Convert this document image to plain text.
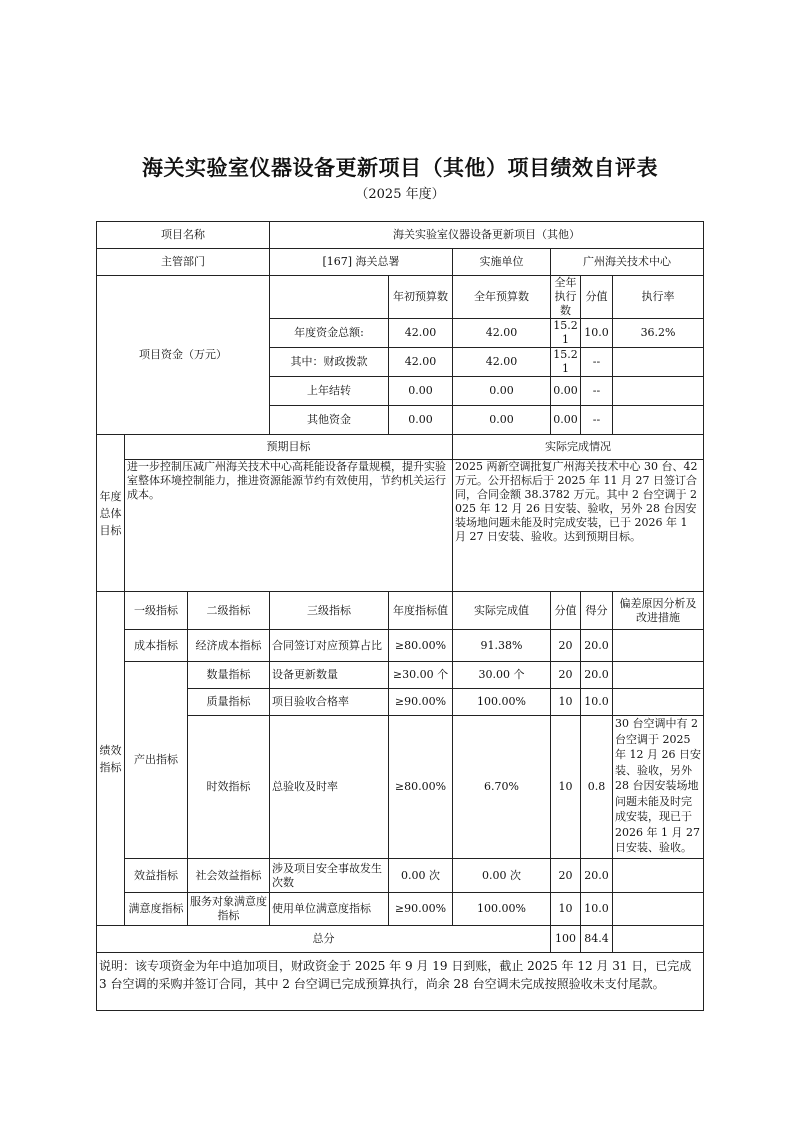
海关实验室仪器设备更新项目（其他）项目绩效自评表
（2025 年度）
项目名称			海关实验室仪器设备更新项目（其他）						
主管部门			[167] 海关总署		实施单位	广州海关技术中心			
项目资金（万元）				年初预算数	全年预算数	全年执行数	分值	执行率	
			年度资金总额:	42.00	42.00	15.21	10.0	36.2%	
			其中：财政拨款	42.00	42.00	15.21	--		
			上年结转	0.00	0.00	0.00	--		
			其他资金	0.00	0.00	0.00	--		
年度总体目标	预期目标				实际完成情况				
	进一步控制压减广州海关技术中心高耗能设备存量规模，提升实验室整体环境控制能力，推进资源能源节约有效使用，节约机关运行成本。				2025 两新空调批复广州海关技术中心 30 台、42 万元。公开招标后于 2025 年 11 月 27 日签订合同，合同金额 38.3782 万元。其中 2 台空调于 2025 年 12 月 26 日安装、验收，另外 28 台因安装场地问题未能及时完成安装，已于 2026 年 1 月 27 日安装、验收。达到预期目标。				
绩效指标	一级指标	二级指标	三级指标	年度指标值	实际完成值	分值	得分	偏差原因分析及改进措施	
	成本指标	经济成本指标	合同签订对应预算占比	≥80.00%	91.38%	20	20.0		
	产出指标	数量指标	设备更新数量	≥30.00 个	30.00 个	20	20.0		
		质量指标	项目验收合格率	≥90.00%	100.00%	10	10.0		
		时效指标	总验收及时率	≥80.00%	6.70%	10	0.8	30 台空调中有 2 台空调于 2025 年 12 月 26 日安装、验收，另外 28 台因安装场地问题未能及时完成安装，现已于 2026 年 1 月 27 日安装、验收。	
	效益指标	社会效益指标	涉及项目安全事故发生次数	0.00 次	0.00 次	20	20.0		
	满意度指标	服务对象满意度指标	使用单位满意度指标	≥90.00%	100.00%	10	10.0		
总分						100	84.4		
说明：该专项资金为年中追加项目，财政资金于 2025 年 9 月 19 日到账，截止 2025 年 12 月 31 日，已完成 3 台空调的采购并签订合同，其中 2 台空调已完成预算执行，尚余 28 台空调未完成按照验收未支付尾款。									
